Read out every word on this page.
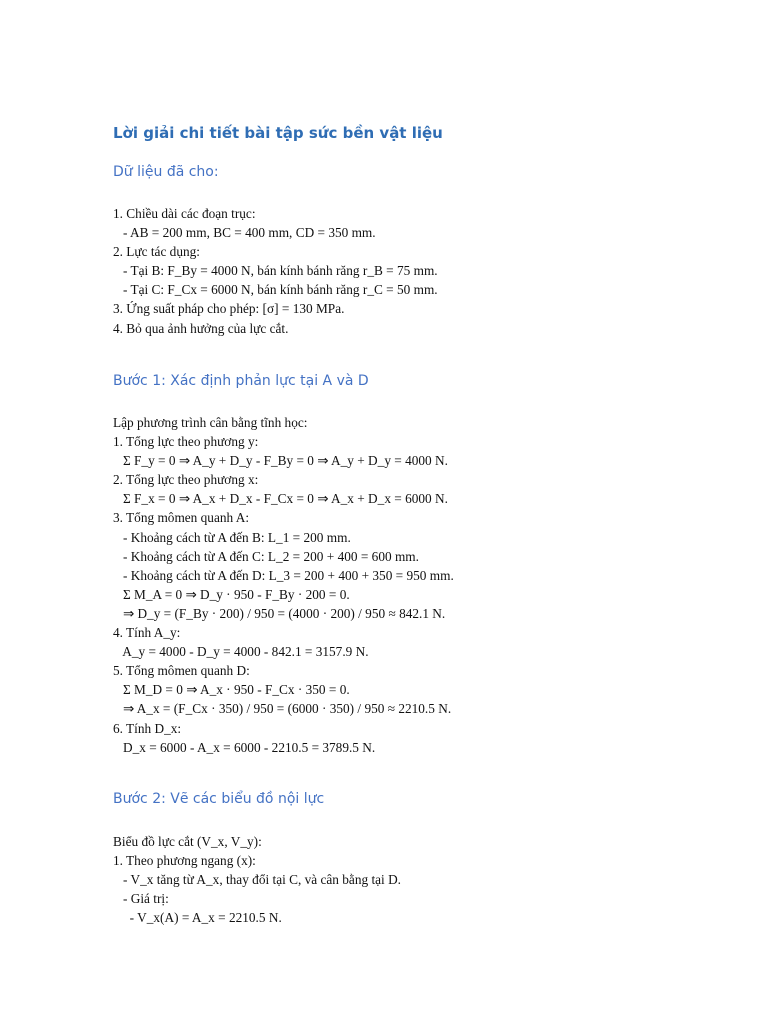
Lời giải chi tiết bài tập sức bền vật liệu
Dữ liệu đã cho:
1. Chiều dài các đoạn trục:
- AB = 200 mm, BC = 400 mm, CD = 350 mm.
2. Lực tác dụng:
- Tại B: F_By = 4000 N, bán kính bánh răng r_B = 75 mm.
- Tại C: F_Cx = 6000 N, bán kính bánh răng r_C = 50 mm.
3. Ứng suất pháp cho phép: [σ] = 130 MPa.
4. Bỏ qua ảnh hưởng của lực cắt.
Bước 1: Xác định phản lực tại A và D
Lập phương trình cân bằng tĩnh học:
1. Tổng lực theo phương y:
Σ F_y = 0 ⇒ A_y + D_y - F_By = 0 ⇒ A_y + D_y = 4000 N.
2. Tổng lực theo phương x:
Σ F_x = 0 ⇒ A_x + D_x - F_Cx = 0 ⇒ A_x + D_x = 6000 N.
3. Tổng mômen quanh A:
- Khoảng cách từ A đến B: L_1 = 200 mm.
- Khoảng cách từ A đến C: L_2 = 200 + 400 = 600 mm.
- Khoảng cách từ A đến D: L_3 = 200 + 400 + 350 = 950 mm.
Σ M_A = 0 ⇒ D_y · 950 - F_By · 200 = 0.
⇒ D_y = (F_By · 200) / 950 = (4000 · 200) / 950 ≈ 842.1 N.
4. Tính A_y:
A_y = 4000 - D_y = 4000 - 842.1 = 3157.9 N.
5. Tổng mômen quanh D:
Σ M_D = 0 ⇒ A_x · 950 - F_Cx · 350 = 0.
⇒ A_x = (F_Cx · 350) / 950 = (6000 · 350) / 950 ≈ 2210.5 N.
6. Tính D_x:
D_x = 6000 - A_x = 6000 - 2210.5 = 3789.5 N.
Bước 2: Vẽ các biểu đồ nội lực
Biểu đồ lực cắt (V_x, V_y):
1. Theo phương ngang (x):
- V_x tăng từ A_x, thay đổi tại C, và cân bằng tại D.
- Giá trị:
- V_x(A) = A_x = 2210.5 N.
